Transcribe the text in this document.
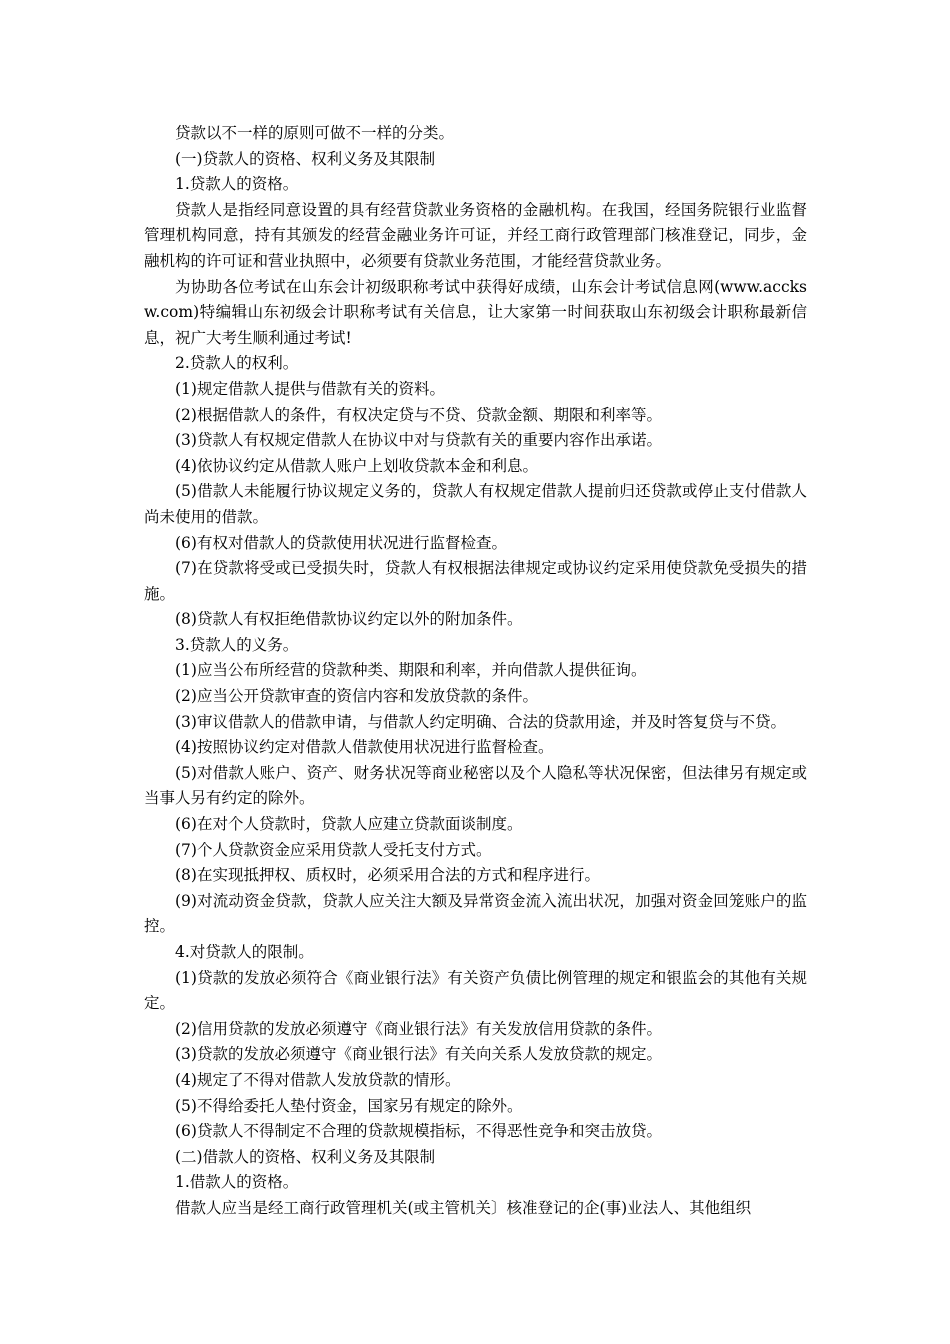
贷款以不一样的原则可做不一样的分类。

(一)贷款人的资格、权利义务及其限制

1.贷款人的资格。

贷款人是指经同意设置的具有经营贷款业务资格的金融机构。在我国，经国务院银行业监督管理机构同意，持有其颁发的经营金融业务许可证，并经工商行政管理部门核准登记，同步，金融机构的许可证和营业执照中，必须要有贷款业务范围，才能经营贷款业务。

为协助各位考试在山东会计初级职称考试中获得好成绩，山东会计考试信息网(www.accksw.com)特编辑山东初级会计职称考试有关信息，让大家第一时间获取山东初级会计职称最新信息，祝广大考生顺利通过考试!

2.贷款人的权利。

(1)规定借款人提供与借款有关的资料。

(2)根据借款人的条件，有权决定贷与不贷、贷款金额、期限和利率等。

(3)贷款人有权规定借款人在协议中对与贷款有关的重要内容作出承诺。

(4)依协议约定从借款人账户上划收贷款本金和利息。

(5)借款人未能履行协议规定义务的，贷款人有权规定借款人提前归还贷款或停止支付借款人尚未使用的借款。

(6)有权对借款人的贷款使用状况进行监督检查。

(7)在贷款将受或已受损失时，贷款人有权根据法律规定或协议约定采用使贷款免受损失的措施。

(8)贷款人有权拒绝借款协议约定以外的附加条件。

3.贷款人的义务。

(1)应当公布所经营的贷款种类、期限和利率，并向借款人提供征询。

(2)应当公开贷款审查的资信内容和发放贷款的条件。

(3)审议借款人的借款申请，与借款人约定明确、合法的贷款用途，并及时答复贷与不贷。

(4)按照协议约定对借款人借款使用状况进行监督检查。

(5)对借款人账户、资产、财务状况等商业秘密以及个人隐私等状况保密，但法律另有规定或当事人另有约定的除外。

(6)在对个人贷款时，贷款人应建立贷款面谈制度。

(7)个人贷款资金应采用贷款人受托支付方式。

(8)在实现抵押权、质权时，必须采用合法的方式和程序进行。

(9)对流动资金贷款，贷款人应关注大额及异常资金流入流出状况，加强对资金回笼账户的监控。

4.对贷款人的限制。

(1)贷款的发放必须符合《商业银行法》有关资产负债比例管理的规定和银监会的其他有关规定。

(2)信用贷款的发放必须遵守《商业银行法》有关发放信用贷款的条件。

(3)贷款的发放必须遵守《商业银行法》有关向关系人发放贷款的规定。

(4)规定了不得对借款人发放贷款的情形。

(5)不得给委托人垫付资金，国家另有规定的除外。

(6)贷款人不得制定不合理的贷款规模指标，不得恶性竞争和突击放贷。

(二)借款人的资格、权利义务及其限制

1.借款人的资格。

借款人应当是经工商行政管理机关(或主管机关〕核准登记的企(事)业法人、其他组织
